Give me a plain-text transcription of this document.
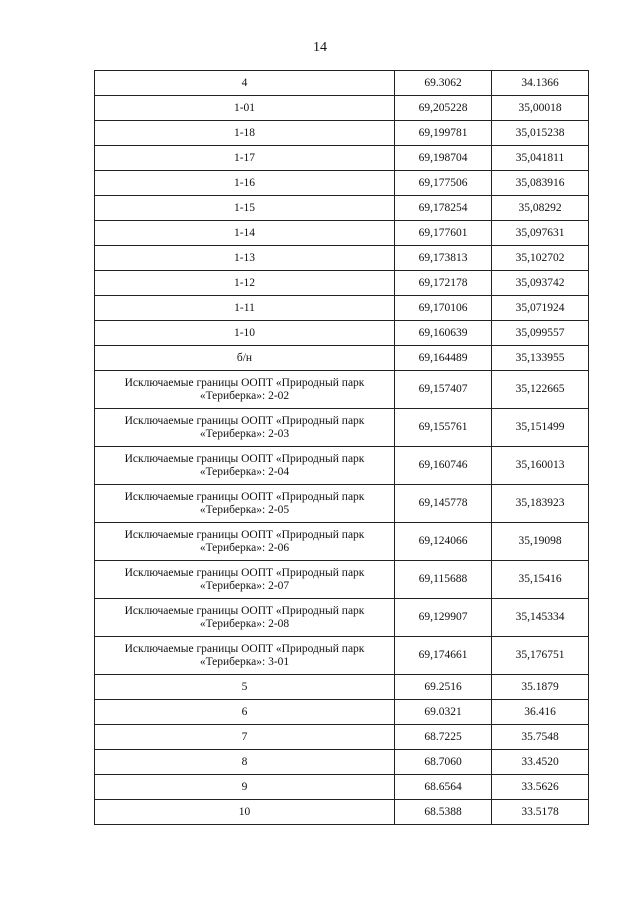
14
4	69.3062	34.1366
1-01	69,205228	35,00018
1-18	69,199781	35,015238
1-17	69,198704	35,041811
1-16	69,177506	35,083916
1-15	69,178254	35,08292
1-14	69,177601	35,097631
1-13	69,173813	35,102702
1-12	69,172178	35,093742
1-11	69,170106	35,071924
1-10	69,160639	35,099557
б/н	69,164489	35,133955
Исключаемые границы ООПТ «Природный парк «Териберка»: 2-02	69,157407	35,122665
Исключаемые границы ООПТ «Природный парк «Териберка»: 2-03	69,155761	35,151499
Исключаемые границы ООПТ «Природный парк «Териберка»: 2-04	69,160746	35,160013
Исключаемые границы ООПТ «Природный парк «Териберка»: 2-05	69,145778	35,183923
Исключаемые границы ООПТ «Природный парк «Териберка»: 2-06	69,124066	35,19098
Исключаемые границы ООПТ «Природный парк «Териберка»: 2-07	69,115688	35,15416
Исключаемые границы ООПТ «Природный парк «Териберка»: 2-08	69,129907	35,145334
Исключаемые границы ООПТ «Природный парк «Териберка»: 3-01	69,174661	35,176751
5	69.2516	35.1879
6	69.0321	36.416
7	68.7225	35.7548
8	68.7060	33.4520
9	68.6564	33.5626
10	68.5388	33.5178
